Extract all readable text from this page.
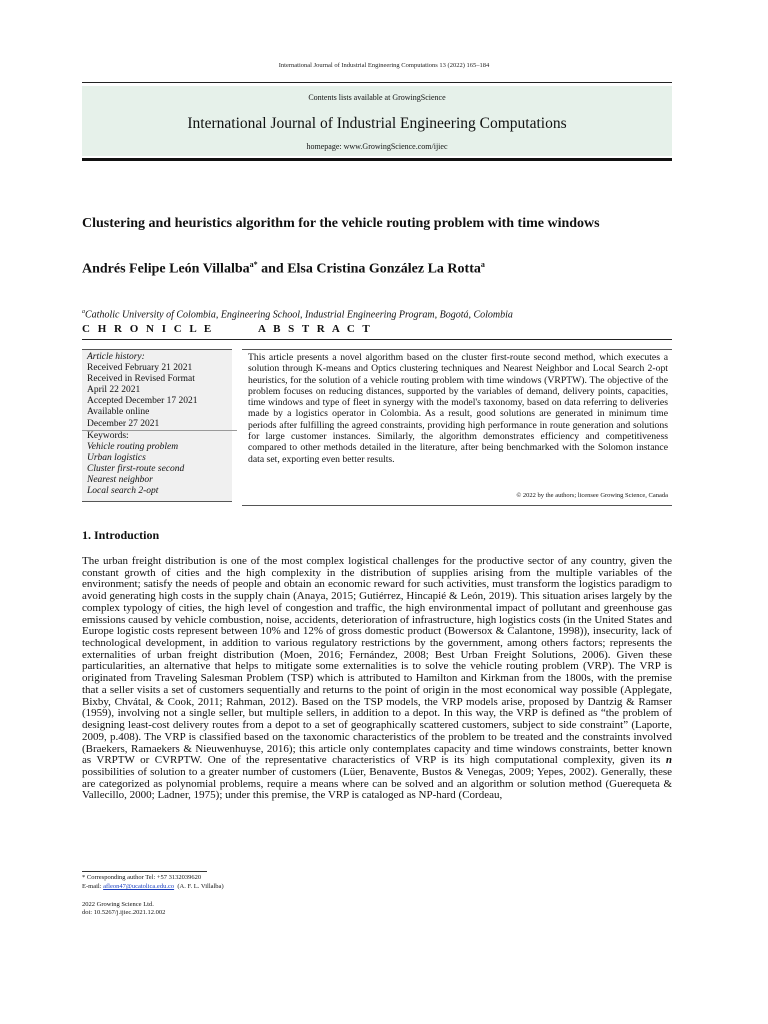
International Journal of Industrial Engineering Computations 13 (2022) 165–184
Contents lists available at GrowingScience
International Journal of Industrial Engineering Computations
homepage: www.GrowingScience.com/ijiec
Clustering and heuristics algorithm for the vehicle routing problem with time windows
Andrés Felipe León Villalba$^{a*}$ and Elsa Cristina González La Rotta$^a$
$^a$Catholic University of Colombia, Engineering School, Industrial Engineering Program, Bogotá, Colombia
C H R O N I C L E	A B S T R A C T
Article history:
Received February 21 2021
Received in Revised Format
April 22 2021
Accepted December 17 2021
Available online
December 27 2021
Keywords:
Vehicle routing problem
Urban logistics
Cluster first-route second
Nearest neighbor
Local search 2-opt
This article presents a novel algorithm based on the cluster first-route second method, which executes a solution through K-means and Optics clustering techniques and Nearest Neighbor and Local Search 2-opt heuristics, for the solution of a vehicle routing problem with time windows (VRPTW). The objective of the problem focuses on reducing distances, supported by the variables of demand, delivery points, capacities, time windows and type of fleet in synergy with the model's taxonomy, based on data referring to deliveries made by a logistics operator in Colombia. As a result, good solutions are generated in minimum time periods after fulfilling the agreed constraints, providing high performance in route generation and solutions for large customer instances. Similarly, the algorithm demonstrates efficiency and competitiveness compared to other methods detailed in the literature, after being benchmarked with the Solomon instance data set, exporting even better results.
© 2022 by the authors; licensee Growing Science, Canada
1. Introduction
The urban freight distribution is one of the most complex logistical challenges for the productive sector of any country, given the constant growth of cities and the high complexity in the distribution of supplies arising from the multiple variables of the environment; satisfy the needs of people and obtain an economic reward for such activities, must transform the logistics paradigm to avoid generating high costs in the supply chain (Anaya, 2015; Gutiérrez, Hincapié & León, 2019). This situation arises largely by the complex typology of cities, the high level of congestion and traffic, the high environmental impact of pollutant and greenhouse gas emissions caused by vehicle combustion, noise, accidents, deterioration of infrastructure, high logistics costs (in the United States and Europe logistic costs represent between 10% and 12% of gross domestic product (Bowersox & Calantone, 1998)), insecurity, lack of technological development, in addition to various regulatory restrictions by the government, among others factors; represents the externalities of urban freight distribution (Moen, 2016; Fernández, 2008; Best Urban Freight Solutions, 2006). Given these particularities, an alternative that helps to mitigate some externalities is to solve the vehicle routing problem (VRP). The VRP is originated from Traveling Salesman Problem (TSP) which is attributed to Hamilton and Kirkman from the 1800s, with the premise that a seller visits a set of customers sequentially and returns to the point of origin in the most economical way possible (Applegate, Bixby, Chvátal, & Cook, 2011; Rahman, 2012). Based on the TSP models, the VRP models arise, proposed by Dantzig & Ramser (1959), involving not a single seller, but multiple sellers, in addition to a depot. In this way, the VRP is defined as “the problem of designing least-cost delivery routes from a depot to a set of geographically scattered customers, subject to side constraint” (Laporte, 2009, p.408). The VRP is classified based on the taxonomic characteristics of the problem to be treated and the constraints involved (Braekers, Ramaekers & Nieuwenhuyse, 2016); this article only contemplates capacity and time windows constraints, better known as VRPTW or CVRPTW. One of the representative characteristics of VRP is its high computational complexity, given its n possibilities of solution to a greater number of customers (Lüer, Benavente, Bustos & Venegas, 2009; Yepes, 2002). Generally, these are categorized as polynomial problems, require a means where can be solved and an algorithm or solution method (Guerequeta & Vallecillo, 2000; Ladner, 1975); under this premise, the VRP is cataloged as NP-hard (Cordeau,
* Corresponding author Tel: +57 3132039620
E-mail: afleon47@ucatolica.edu.co  (A. F. L. Villalba)
2022 Growing Science Ltd.
doi: 10.5267/j.ijiec.2021.12.002
